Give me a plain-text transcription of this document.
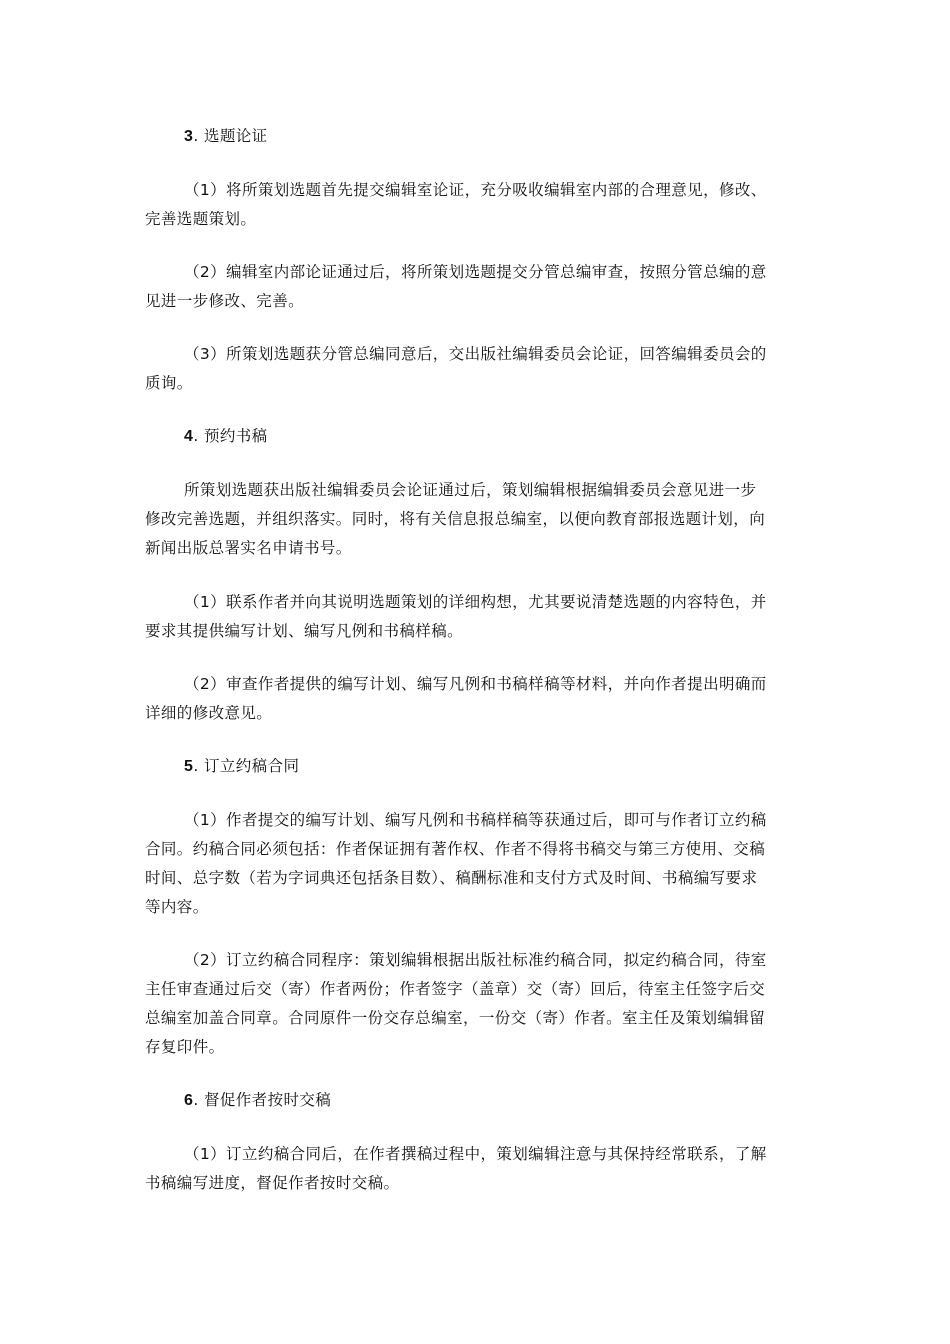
3. 选题论证
（1）将所策划选题首先提交编辑室论证，充分吸收编辑室内部的合理意见，修改、
完善选题策划。
（2）编辑室内部论证通过后，将所策划选题提交分管总编审查，按照分管总编的意
见进一步修改、完善。
（3）所策划选题获分管总编同意后，交出版社编辑委员会论证，回答编辑委员会的
质询。
4. 预约书稿
所策划选题获出版社编辑委员会论证通过后，策划编辑根据编辑委员会意见进一步
修改完善选题，并组织落实。同时，将有关信息报总编室，以便向教育部报选题计划，向
新闻出版总署实名申请书号。
（1）联系作者并向其说明选题策划的详细构想，尤其要说清楚选题的内容特色，并
要求其提供编写计划、编写凡例和书稿样稿。
（2）审查作者提供的编写计划、编写凡例和书稿样稿等材料，并向作者提出明确而
详细的修改意见。
5. 订立约稿合同
（1）作者提交的编写计划、编写凡例和书稿样稿等获通过后，即可与作者订立约稿
合同。约稿合同必须包括：作者保证拥有著作权、作者不得将书稿交与第三方使用、交稿
时间、总字数（若为字词典还包括条目数）、稿酬标准和支付方式及时间、书稿编写要求
等内容。
（2）订立约稿合同程序：策划编辑根据出版社标准约稿合同，拟定约稿合同，待室
主任审查通过后交（寄）作者两份；作者签字（盖章）交（寄）回后，待室主任签字后交
总编室加盖合同章。合同原件一份交存总编室，一份交（寄）作者。室主任及策划编辑留
存复印件。
6. 督促作者按时交稿
（1）订立约稿合同后，在作者撰稿过程中，策划编辑注意与其保持经常联系，了解
书稿编写进度，督促作者按时交稿。
